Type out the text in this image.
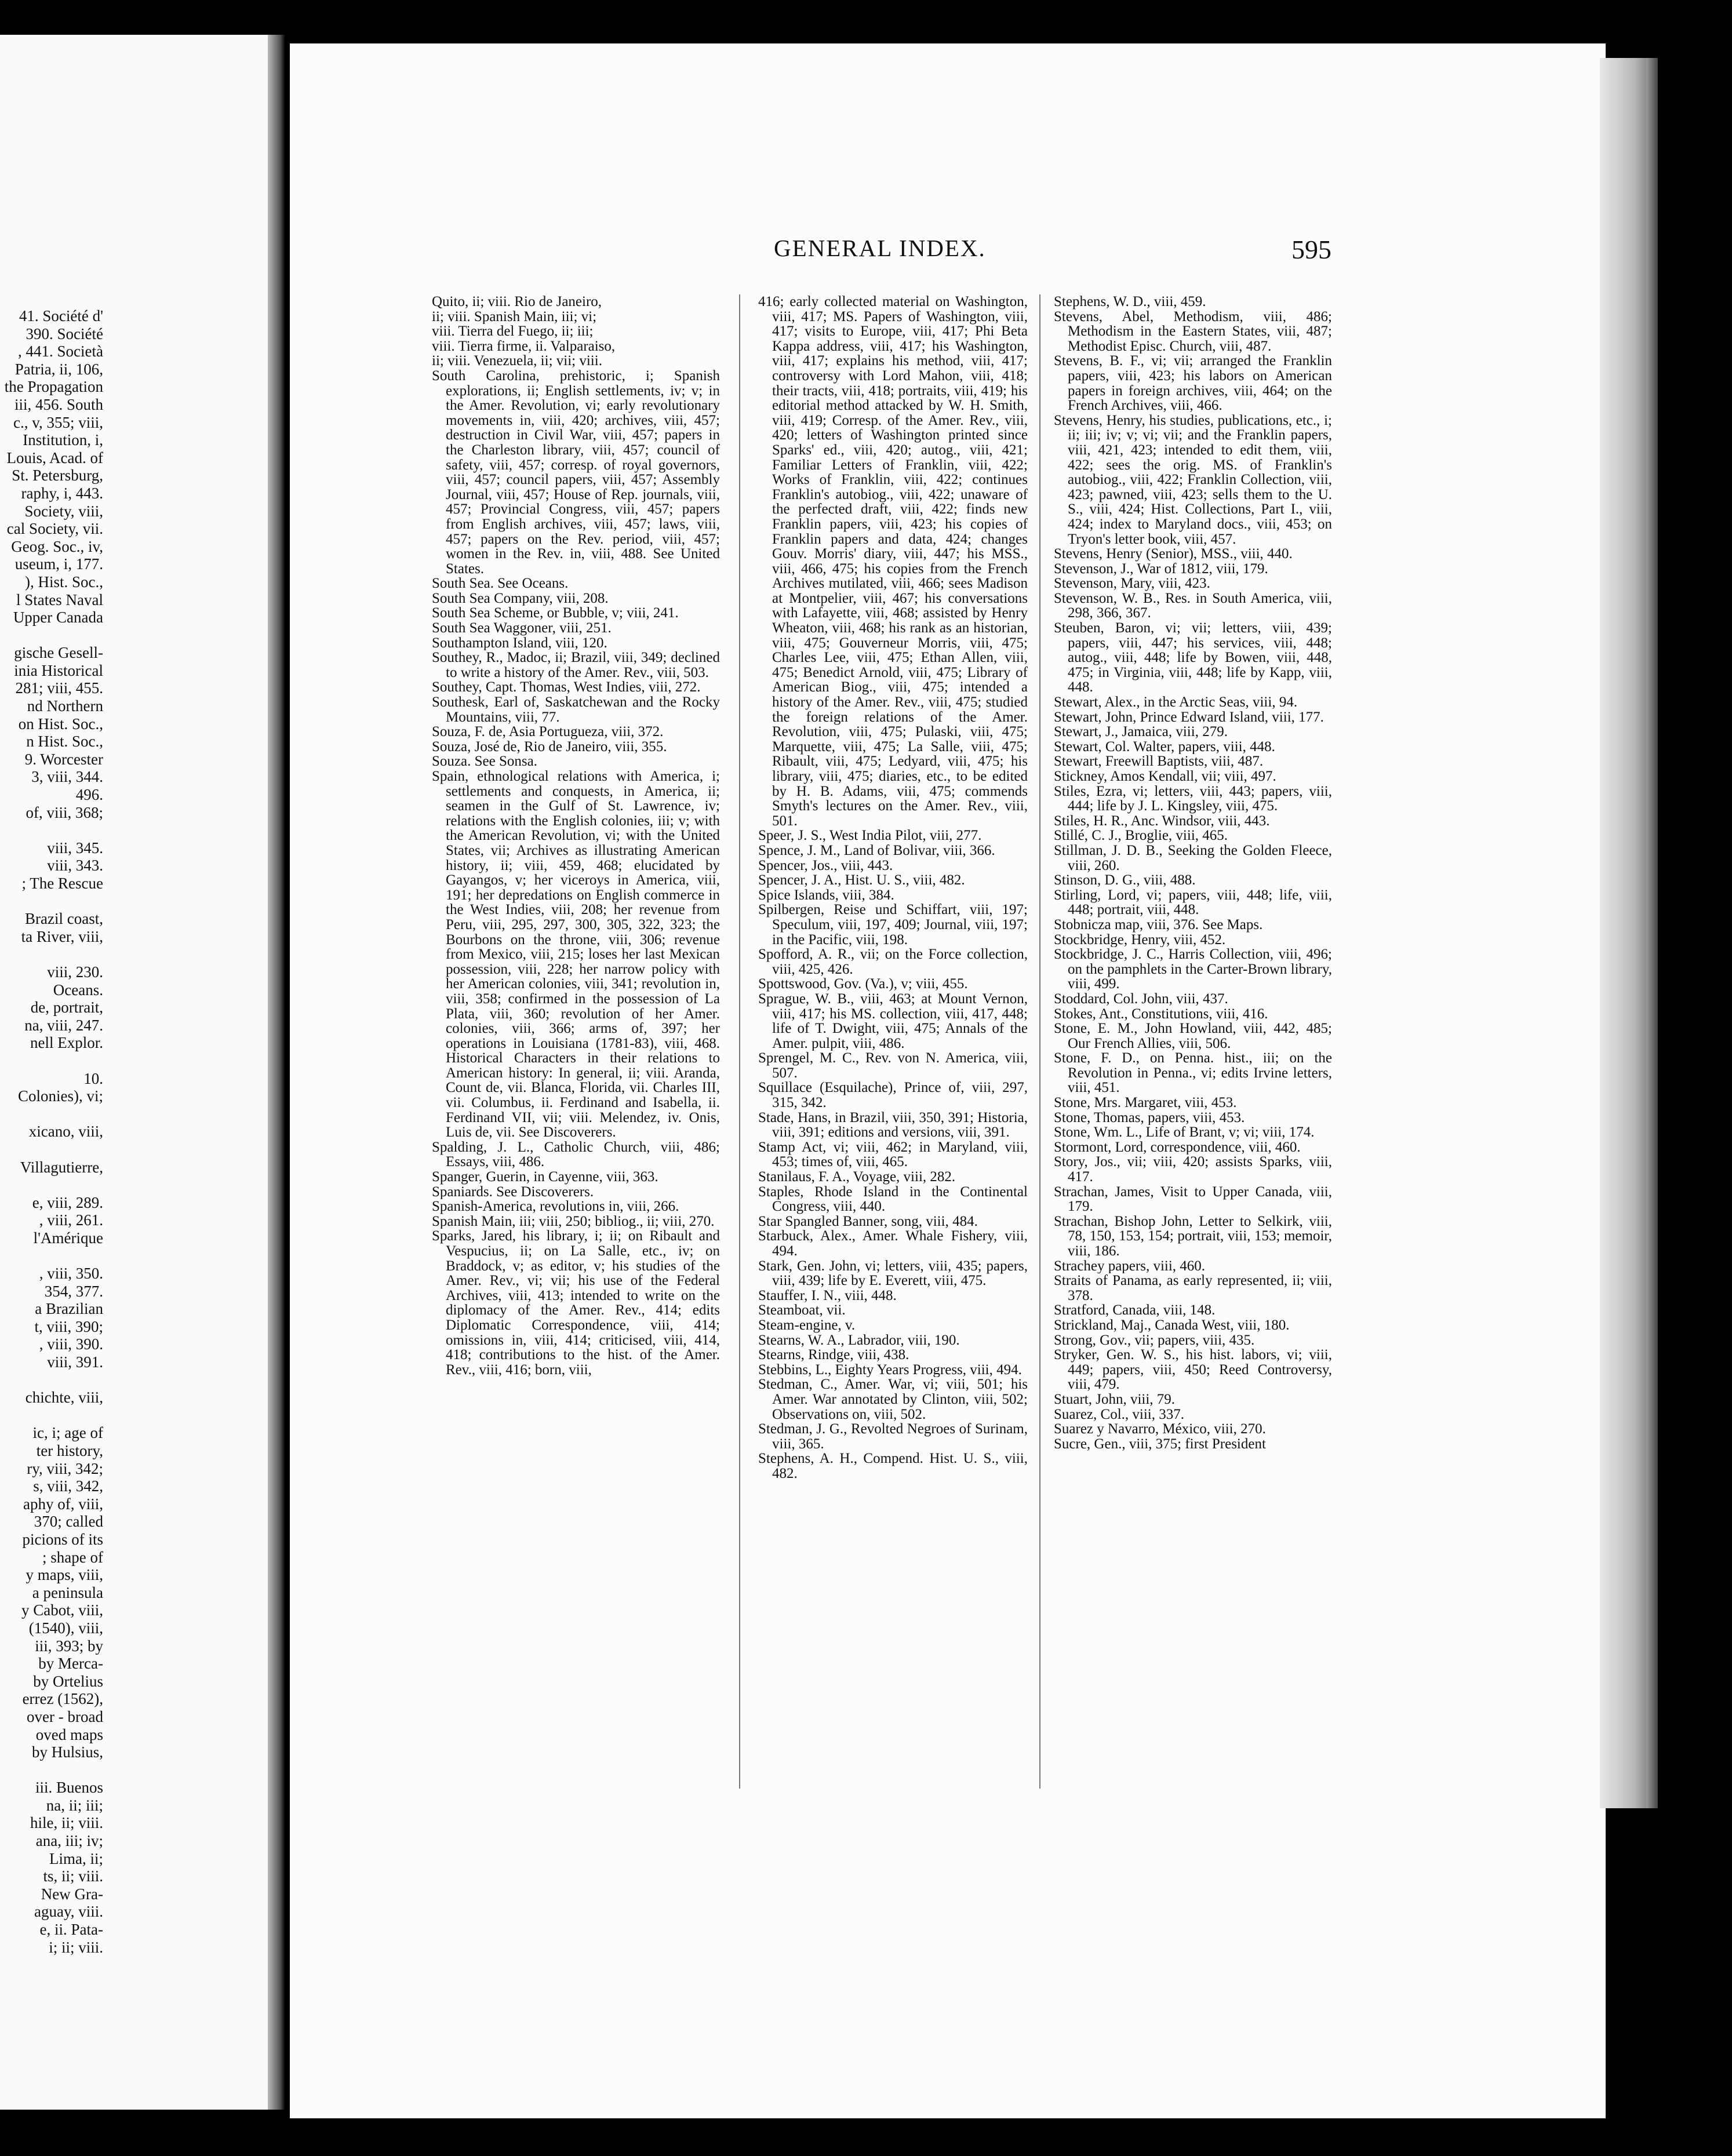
41. Société d'
390. Société
, 441. Società
Patria, ii, 106,
the Propagation
iii, 456. South
c., v, 355; viii,
Institution, i,
Louis, Acad. of
St. Petersburg,
raphy, i, 443.
Society, viii,
cal Society, vii.
Geog. Soc., iv,
useum, i, 177.
), Hist. Soc.,
l States Naval
Upper Canada

gische Gesell-
inia Historical
281; viii, 455.
nd Northern
on Hist. Soc.,
n Hist. Soc.,
9. Worcester
3, viii, 344.
496.
of, viii, 368;

viii, 345.
viii, 343.
; The Rescue

Brazil coast,
ta River, viii,

viii, 230.
Oceans.
de, portrait,
na, viii, 247.
nell Explor.

10.
Colonies), vi;

xicano, viii,

Villagutierre,

e, viii, 289.
, viii, 261.
l'Amérique

, viii, 350.
354, 377.
a Brazilian
t, viii, 390;
, viii, 390.
viii, 391.

chichte, viii,

ic, i; age of
ter history,
ry, viii, 342;
s, viii, 342,
aphy of, viii,
370; called
picions of its
; shape of
y maps, viii,
a peninsula
y Cabot, viii,
(1540), viii,
iii, 393; by
by Merca-
by Ortelius
errez (1562),
over - broad
oved maps
by Hulsius,

iii. Buenos
na, ii; iii;
hile, ii; viii.
ana, iii; iv;
Lima, ii;
ts, ii; viii.
New Gra-
aguay, viii.
e, ii. Pata-
i; ii; viii.
GENERAL INDEX.	595
Quito, ii; viii. Rio de Janeiro,
ii; viii. Spanish Main, iii; vi;
viii. Tierra del Fuego, ii; iii;
viii. Tierra firme, ii. Valparaiso,
ii; viii. Venezuela, ii; vii; viii.
South Carolina, prehistoric, i; Spanish explorations, ii; English settlements, iv; v; in the Amer. Revolution, vi; early revolutionary movements in, viii, 420; archives, viii, 457; destruction in Civil War, viii, 457; papers in the Charleston library, viii, 457; council of safety, viii, 457; corresp. of royal governors, viii, 457; council papers, viii, 457; Assembly Journal, viii, 457; House of Rep. journals, viii, 457; Provincial Congress, viii, 457; papers from English archives, viii, 457; laws, viii, 457; papers on the Rev. period, viii, 457; women in the Rev. in, viii, 488. See United States.
South Sea. See Oceans.
South Sea Company, viii, 208.
South Sea Scheme, or Bubble, v; viii, 241.
South Sea Waggoner, viii, 251.
Southampton Island, viii, 120.
Southey, R., Madoc, ii; Brazil, viii, 349; declined to write a history of the Amer. Rev., viii, 503.
Southey, Capt. Thomas, West Indies, viii, 272.
Southesk, Earl of, Saskatchewan and the Rocky Mountains, viii, 77.
Souza, F. de, Asia Portugueza, viii, 372.
Souza, José de, Rio de Janeiro, viii, 355.
Souza. See Sonsa.
Spain, ethnological relations with America, i; settlements and conquests, in America, ii; seamen in the Gulf of St. Lawrence, iv; relations with the English colonies, iii; v; with the American Revolution, vi; with the United States, vii; Archives as illustrating American history, ii; viii, 459, 468; elucidated by Gayangos, v; her viceroys in America, viii, 191; her depredations on English commerce in the West Indies, viii, 208; her revenue from Peru, viii, 295, 297, 300, 305, 322, 323; the Bourbons on the throne, viii, 306; revenue from Mexico, viii, 215; loses her last Mexican possession, viii, 228; her narrow policy with her American colonies, viii, 341; revolution in, viii, 358; confirmed in the possession of La Plata, viii, 360; revolution of her Amer. colonies, viii, 366; arms of, 397; her operations in Louisiana (1781-83), viii, 468. Historical Characters in their relations to American history: In general, ii; viii. Aranda, Count de, vii. Blanca, Florida, vii. Charles III, vii. Columbus, ii. Ferdinand and Isabella, ii. Ferdinand VII, vii; viii. Melendez, iv. Onis, Luis de, vii. See Discoverers.
Spalding, J. L., Catholic Church, viii, 486; Essays, viii, 486.
Spanger, Guerin, in Cayenne, viii, 363.
Spaniards. See Discoverers.
Spanish-America, revolutions in, viii, 266.
Spanish Main, iii; viii, 250; bibliog., ii; viii, 270.
Sparks, Jared, his library, i; ii; on Ribault and Vespucius, ii; on La Salle, etc., iv; on Braddock, v; as editor, v; his studies of the Amer. Rev., vi; vii; his use of the Federal Archives, viii, 413; intended to write on the diplomacy of the Amer. Rev., 414; edits Diplomatic Correspondence, viii, 414; omissions in, viii, 414; criticised, viii, 414, 418; contributions to the hist. of the Amer. Rev., viii, 416; born, viii,
416; early collected material on Washington, viii, 417; MS. Papers of Washington, viii, 417; visits to Europe, viii, 417; Phi Beta Kappa address, viii, 417; his Washington, viii, 417; explains his method, viii, 417; controversy with Lord Mahon, viii, 418; their tracts, viii, 418; portraits, viii, 419; his editorial method attacked by W. H. Smith, viii, 419; Corresp. of the Amer. Rev., viii, 420; letters of Washington printed since Sparks' ed., viii, 420; autog., viii, 421; Familiar Letters of Franklin, viii, 422; Works of Franklin, viii, 422; continues Franklin's autobiog., viii, 422; unaware of the perfected draft, viii, 422; finds new Franklin papers, viii, 423; his copies of Franklin papers and data, 424; changes Gouv. Morris' diary, viii, 447; his MSS., viii, 466, 475; his copies from the French Archives mutilated, viii, 466; sees Madison at Montpelier, viii, 467; his conversations with Lafayette, viii, 468; assisted by Henry Wheaton, viii, 468; his rank as an historian, viii, 475; Gouverneur Morris, viii, 475; Charles Lee, viii, 475; Ethan Allen, viii, 475; Benedict Arnold, viii, 475; Library of American Biog., viii, 475; intended a history of the Amer. Rev., viii, 475; studied the foreign relations of the Amer. Revolution, viii, 475; Pulaski, viii, 475; Marquette, viii, 475; La Salle, viii, 475; Ribault, viii, 475; Ledyard, viii, 475; his library, viii, 475; diaries, etc., to be edited by H. B. Adams, viii, 475; commends Smyth's lectures on the Amer. Rev., viii, 501.
Speer, J. S., West India Pilot, viii, 277.
Spence, J. M., Land of Bolivar, viii, 366.
Spencer, Jos., viii, 443.
Spencer, J. A., Hist. U. S., viii, 482.
Spice Islands, viii, 384.
Spilbergen, Reise und Schiffart, viii, 197; Speculum, viii, 197, 409; Journal, viii, 197; in the Pacific, viii, 198.
Spofford, A. R., vii; on the Force collection, viii, 425, 426.
Spottswood, Gov. (Va.), v; viii, 455.
Sprague, W. B., viii, 463; at Mount Vernon, viii, 417; his MS. collection, viii, 417, 448; life of T. Dwight, viii, 475; Annals of the Amer. pulpit, viii, 486.
Sprengel, M. C., Rev. von N. America, viii, 507.
Squillace (Esquilache), Prince of, viii, 297, 315, 342.
Stade, Hans, in Brazil, viii, 350, 391; Historia, viii, 391; editions and versions, viii, 391.
Stamp Act, vi; viii, 462; in Maryland, viii, 453; times of, viii, 465.
Stanilaus, F. A., Voyage, viii, 282.
Staples, Rhode Island in the Continental Congress, viii, 440.
Star Spangled Banner, song, viii, 484.
Starbuck, Alex., Amer. Whale Fishery, viii, 494.
Stark, Gen. John, vi; letters, viii, 435; papers, viii, 439; life by E. Everett, viii, 475.
Stauffer, I. N., viii, 448.
Steamboat, vii.
Steam-engine, v.
Stearns, W. A., Labrador, viii, 190.
Stearns, Rindge, viii, 438.
Stebbins, L., Eighty Years Progress, viii, 494.
Stedman, C., Amer. War, vi; viii, 501; his Amer. War annotated by Clinton, viii, 502; Observations on, viii, 502.
Stedman, J. G., Revolted Negroes of Surinam, viii, 365.
Stephens, A. H., Compend. Hist. U. S., viii, 482.
Stephens, W. D., viii, 459.
Stevens, Abel, Methodism, viii, 486; Methodism in the Eastern States, viii, 487; Methodist Episc. Church, viii, 487.
Stevens, B. F., vi; vii; arranged the Franklin papers, viii, 423; his labors on American papers in foreign archives, viii, 464; on the French Archives, viii, 466.
Stevens, Henry, his studies, publications, etc., i; ii; iii; iv; v; vi; vii; and the Franklin papers, viii, 421, 423; intended to edit them, viii, 422; sees the orig. MS. of Franklin's autobiog., viii, 422; Franklin Collection, viii, 423; pawned, viii, 423; sells them to the U. S., viii, 424; Hist. Collections, Part I., viii, 424; index to Maryland docs., viii, 453; on Tryon's letter book, viii, 457.
Stevens, Henry (Senior), MSS., viii, 440.
Stevenson, J., War of 1812, viii, 179.
Stevenson, Mary, viii, 423.
Stevenson, W. B., Res. in South America, viii, 298, 366, 367.
Steuben, Baron, vi; vii; letters, viii, 439; papers, viii, 447; his services, viii, 448; autog., viii, 448; life by Bowen, viii, 448, 475; in Virginia, viii, 448; life by Kapp, viii, 448.
Stewart, Alex., in the Arctic Seas, viii, 94.
Stewart, John, Prince Edward Island, viii, 177.
Stewart, J., Jamaica, viii, 279.
Stewart, Col. Walter, papers, viii, 448.
Stewart, Freewill Baptists, viii, 487.
Stickney, Amos Kendall, vii; viii, 497.
Stiles, Ezra, vi; letters, viii, 443; papers, viii, 444; life by J. L. Kingsley, viii, 475.
Stiles, H. R., Anc. Windsor, viii, 443.
Stillé, C. J., Broglie, viii, 465.
Stillman, J. D. B., Seeking the Golden Fleece, viii, 260.
Stinson, D. G., viii, 488.
Stirling, Lord, vi; papers, viii, 448; life, viii, 448; portrait, viii, 448.
Stobnicza map, viii, 376. See Maps.
Stockbridge, Henry, viii, 452.
Stockbridge, J. C., Harris Collection, viii, 496; on the pamphlets in the Carter-Brown library, viii, 499.
Stoddard, Col. John, viii, 437.
Stokes, Ant., Constitutions, viii, 416.
Stone, E. M., John Howland, viii, 442, 485; Our French Allies, viii, 506.
Stone, F. D., on Penna. hist., iii; on the Revolution in Penna., vi; edits Irvine letters, viii, 451.
Stone, Mrs. Margaret, viii, 453.
Stone, Thomas, papers, viii, 453.
Stone, Wm. L., Life of Brant, v; vi; viii, 174.
Stormont, Lord, correspondence, viii, 460.
Story, Jos., vii; viii, 420; assists Sparks, viii, 417.
Strachan, James, Visit to Upper Canada, viii, 179.
Strachan, Bishop John, Letter to Selkirk, viii, 78, 150, 153, 154; portrait, viii, 153; memoir, viii, 186.
Strachey papers, viii, 460.
Straits of Panama, as early represented, ii; viii, 378.
Stratford, Canada, viii, 148.
Strickland, Maj., Canada West, viii, 180.
Strong, Gov., vii; papers, viii, 435.
Stryker, Gen. W. S., his hist. labors, vi; viii, 449; papers, viii, 450; Reed Controversy, viii, 479.
Stuart, John, viii, 79.
Suarez, Col., viii, 337.
Suarez y Navarro, México, viii, 270.
Sucre, Gen., viii, 375; first President
